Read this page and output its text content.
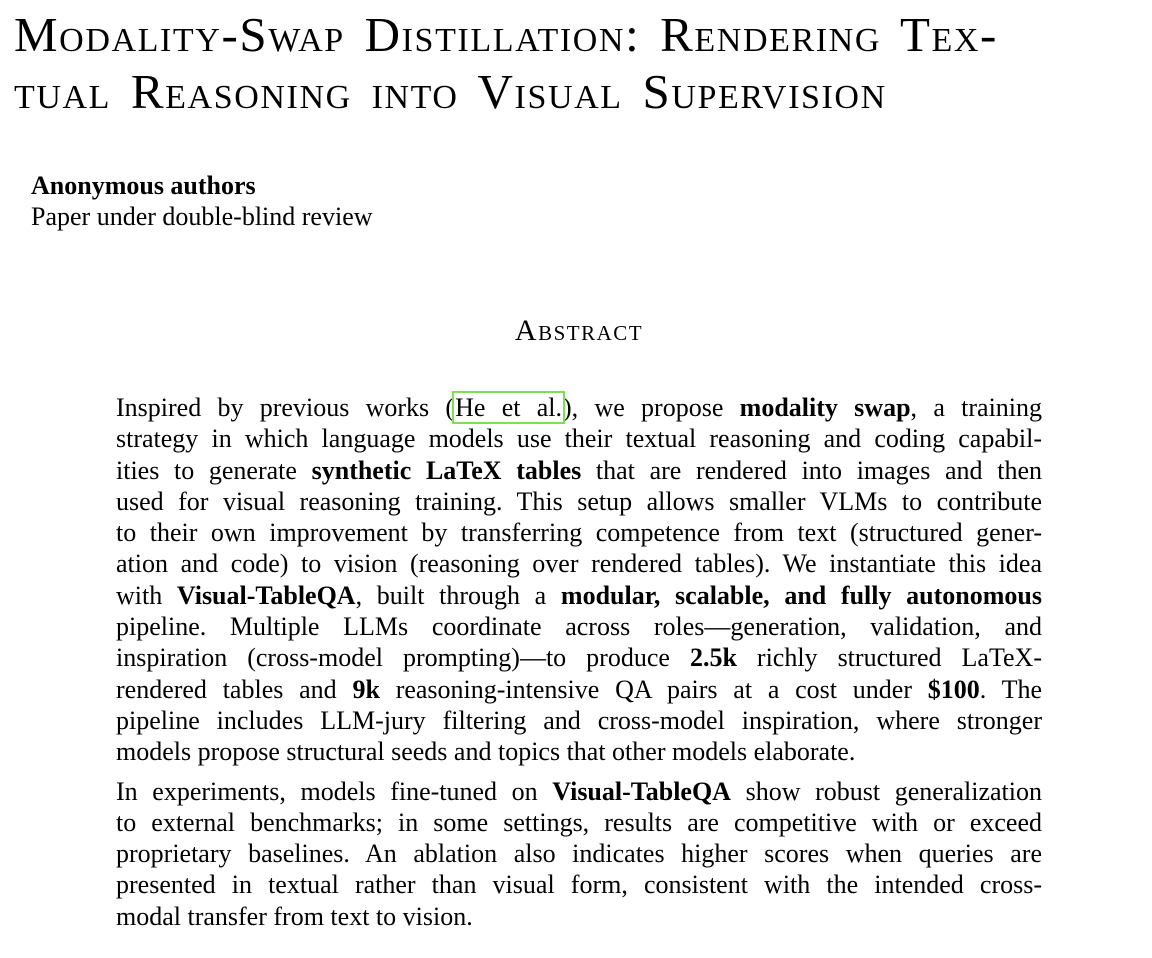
Modality-Swap Distillation: Rendering Tex-
tual Reasoning into Visual Supervision
Anonymous authors
Paper under double-blind review
Abstract

Inspired by previous works (He et al.), we propose modality swap, a training
strategy in which language models use their textual reasoning and coding capabil-
ities to generate synthetic LaTeX tables that are rendered into images and then
used for visual reasoning training. This setup allows smaller VLMs to contribute
to their own improvement by transferring competence from text (structured gener-
ation and code) to vision (reasoning over rendered tables). We instantiate this idea
with Visual-TableQA, built through a modular, scalable, and fully autonomous
pipeline. Multiple LLMs coordinate across roles—generation, validation, and
inspiration (cross-model prompting)—to produce 2.5k richly structured LaTeX-
rendered tables and 9k reasoning-intensive QA pairs at a cost under $100. The
pipeline includes LLM-jury filtering and cross-model inspiration, where stronger
models propose structural seeds and topics that other models elaborate.

In experiments, models fine-tuned on Visual-TableQA show robust generalization
to external benchmarks; in some settings, results are competitive with or exceed
proprietary baselines. An ablation also indicates higher scores when queries are
presented in textual rather than visual form, consistent with the intended cross-
modal transfer from text to vision.
